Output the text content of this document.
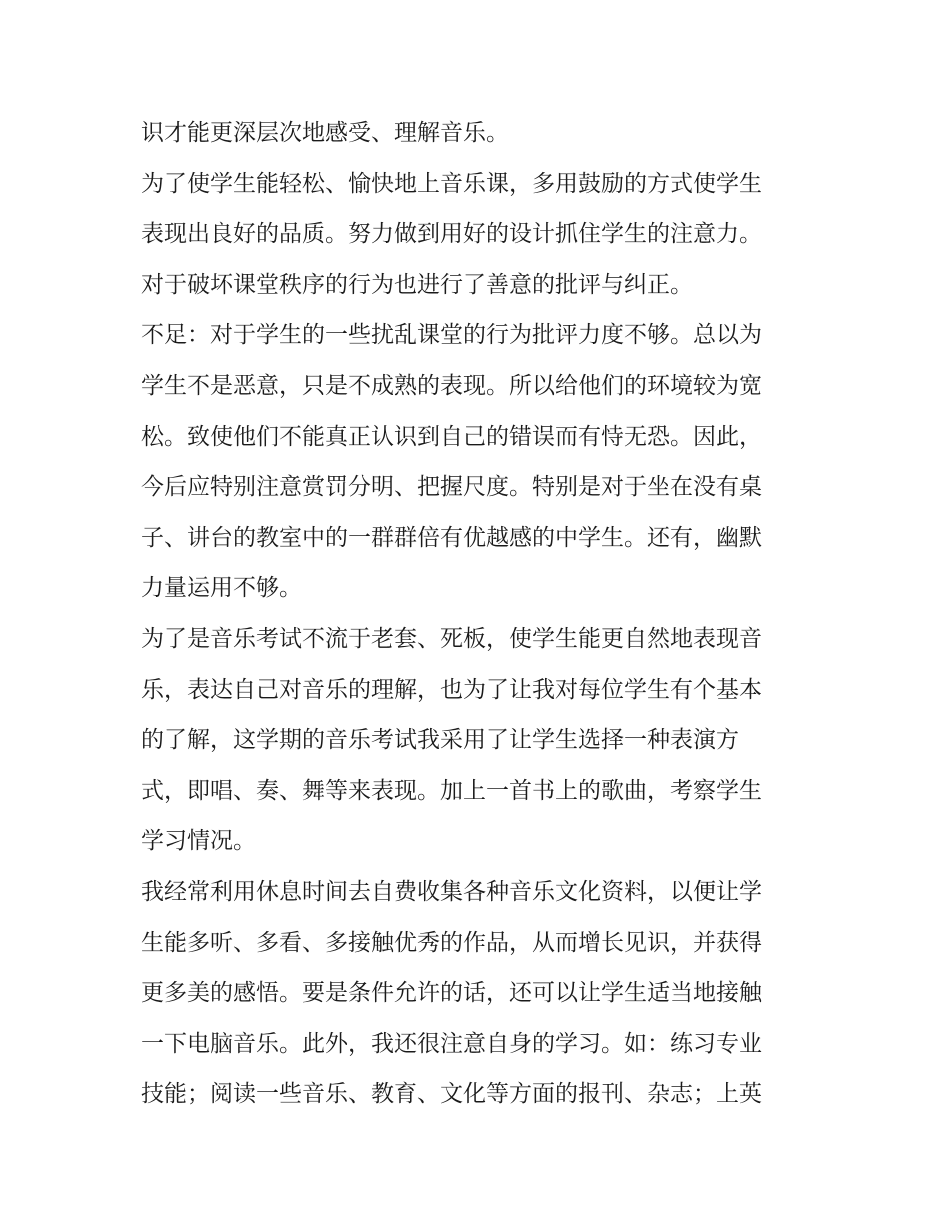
识才能更深层次地感受、理解音乐。
为了使学生能轻松、愉快地上音乐课，多用鼓励的方式使学生
表现出良好的品质。努力做到用好的设计抓住学生的注意力。
对于破坏课堂秩序的行为也进行了善意的批评与纠正。
不足：对于学生的一些扰乱课堂的行为批评力度不够。总以为
学生不是恶意，只是不成熟的表现。所以给他们的环境较为宽
松。致使他们不能真正认识到自己的错误而有恃无恐。因此，
今后应特别注意赏罚分明、把握尺度。特别是对于坐在没有桌
子、讲台的教室中的一群群倍有优越感的中学生。还有，幽默
力量运用不够。
为了是音乐考试不流于老套、死板，使学生能更自然地表现音
乐，表达自己对音乐的理解，也为了让我对每位学生有个基本
的了解，这学期的音乐考试我采用了让学生选择一种表演方
式，即唱、奏、舞等来表现。加上一首书上的歌曲，考察学生
学习情况。
我经常利用休息时间去自费收集各种音乐文化资料，以便让学
生能多听、多看、多接触优秀的作品，从而增长见识，并获得
更多美的感悟。要是条件允许的话，还可以让学生适当地接触
一下电脑音乐。此外，我还很注意自身的学习。如：练习专业
技能；阅读一些音乐、教育、文化等方面的报刊、杂志；上英
